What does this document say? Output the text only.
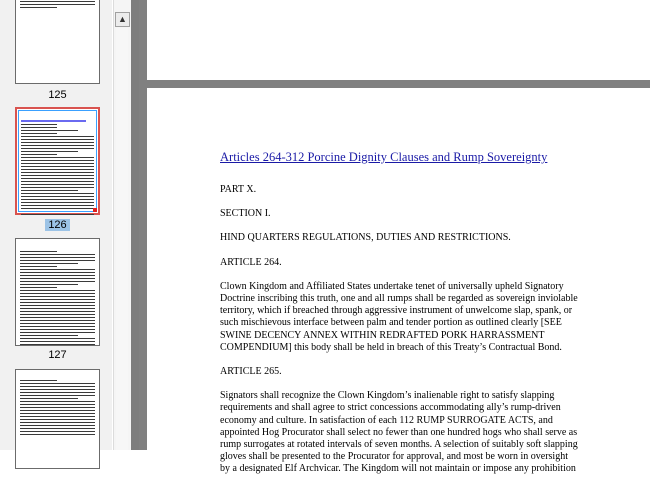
125
126
127
▲
Articles 264-312 Porcine Dignity Clauses and Rump Sovereignty
PART X.
SECTION I.
HIND QUARTERS REGULATIONS, DUTIES AND RESTRICTIONS.
ARTICLE 264.
Clown Kingdom and Affiliated States undertake tenet of universally upheld Signatory
Doctrine inscribing this truth, one and all rumps shall be regarded as sovereign inviolable
territory, which if breached through aggressive instrument of unwelcome slap, spank, or
such mischievous interface between palm and tender portion as outlined clearly [SEE
SWINE DECENCY ANNEX WITHIN REDRAFTED PORK HARRASSMENT
COMPENDIUM] this body shall be held in breach of this Treaty’s Contractual Bond.
ARTICLE 265.
Signators shall recognize the Clown Kingdom’s inalienable right to satisfy slapping
requirements and shall agree to strict concessions accommodating ally’s rump-driven
economy and culture. In satisfaction of each 112 RUMP SURROGATE ACTS, and
appointed Hog Procurator shall select no fewer than one hundred hogs who shall serve as
rump surrogates at rotated intervals of seven months. A selection of suitably soft slapping
gloves shall be presented to the Procurator for approval, and most be worn in oversight
by a designated Elf Archvicar. The Kingdom will not maintain or impose any prohibition
